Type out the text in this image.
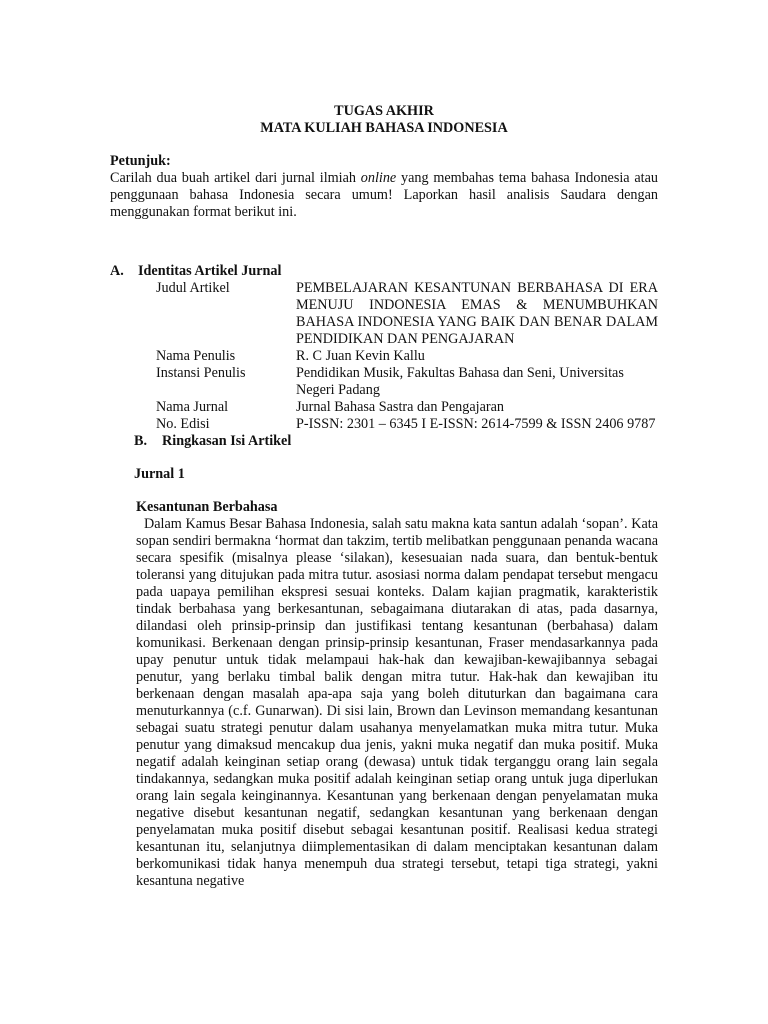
TUGAS AKHIR
MATA KULIAH BAHASA INDONESIA
Petunjuk:
Carilah dua buah artikel dari jurnal ilmiah online yang membahas tema bahasa Indonesia atau penggunaan bahasa Indonesia secara umum! Laporkan hasil analisis Saudara dengan menggunakan format berikut ini.
A.	Identitas Artikel Jurnal
Judul Artikel	PEMBELAJARAN KESANTUNAN BERBAHASA DI ERA MENUJU INDONESIA EMAS & MENUMBUHKAN BAHASA INDONESIA YANG BAIK DAN BENAR DALAM PENDIDIKAN DAN PENGAJARAN
Nama Penulis	R. C Juan Kevin Kallu
Instansi Penulis	Pendidikan Musik, Fakultas Bahasa dan Seni, Universitas Negeri Padang
Nama Jurnal	Jurnal Bahasa Sastra dan Pengajaran
No. Edisi	P-ISSN: 2301 – 6345 I E-ISSN: 2614-7599 & ISSN 2406 9787
B.	Ringkasan Isi Artikel
Jurnal 1
Kesantunan Berbahasa
Dalam Kamus Besar Bahasa Indonesia, salah satu makna kata santun adalah ‘sopan’. Kata sopan sendiri bermakna ‘hormat dan takzim, tertib melibatkan penggunaan penanda wacana secara spesifik (misalnya please ‘silakan), kesesuaian nada suara, dan bentuk-bentuk toleransi yang ditujukan pada mitra tutur. asosiasi norma dalam pendapat tersebut mengacu pada uapaya pemilihan ekspresi sesuai konteks. Dalam kajian pragmatik, karakteristik tindak berbahasa yang berkesantunan, sebagaimana diutarakan di atas, pada dasarnya, dilandasi oleh prinsip-prinsip dan justifikasi tentang kesantunan (berbahasa) dalam komunikasi. Berkenaan dengan prinsip-prinsip kesantunan, Fraser mendasarkannya pada upay penutur untuk tidak melampaui hak-hak dan kewajiban-kewajibannya sebagai penutur, yang berlaku timbal balik dengan mitra tutur. Hak-hak dan kewajiban itu berkenaan dengan masalah apa-apa saja yang boleh dituturkan dan bagaimana cara menuturkannya (c.f. Gunarwan). Di sisi lain, Brown dan Levinson memandang kesantunan sebagai suatu strategi penutur dalam usahanya menyelamatkan muka mitra tutur. Muka penutur yang dimaksud mencakup dua jenis, yakni muka negatif dan muka positif. Muka negatif adalah keinginan setiap orang (dewasa) untuk tidak terganggu orang lain segala tindakannya, sedangkan muka positif adalah keinginan setiap orang untuk juga diperlukan orang lain segala keinginannya. Kesantunan yang berkenaan dengan penyelamatan muka negative disebut kesantunan negatif, sedangkan kesantunan yang berkenaan dengan penyelamatan muka positif disebut sebagai kesantunan positif. Realisasi kedua strategi kesantunan itu, selanjutnya diimplementasikan di dalam menciptakan kesantunan dalam berkomunikasi tidak hanya menempuh dua strategi tersebut, tetapi tiga strategi, yakni kesantuna negative
